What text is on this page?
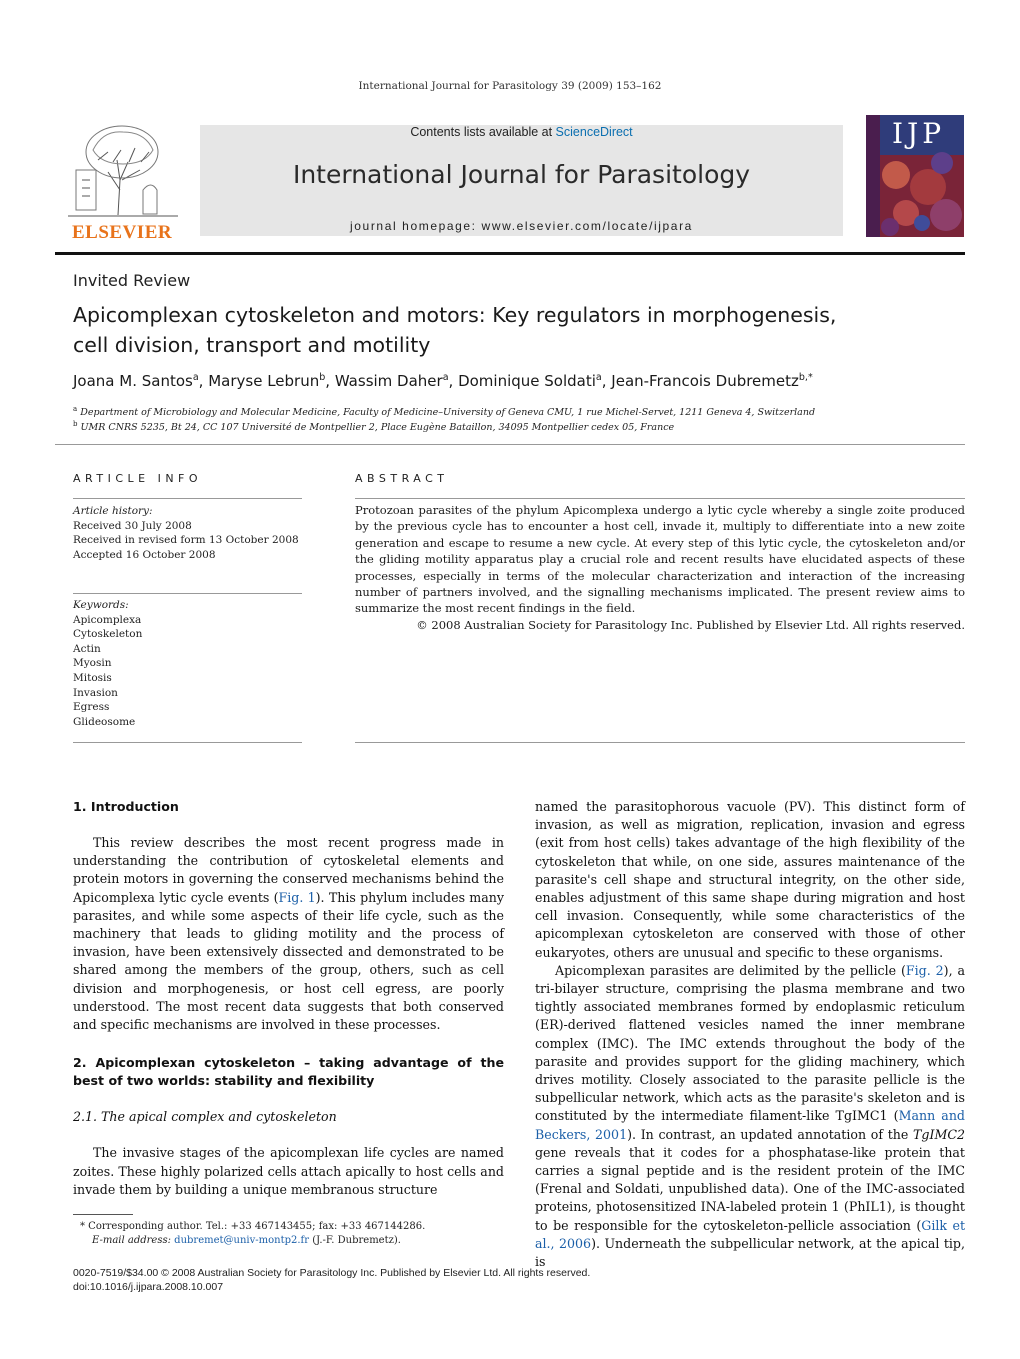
International Journal for Parasitology 39 (2009) 153–162
ELSEVIER
Contents lists available at ScienceDirect
International Journal for Parasitology
journal homepage: www.elsevier.com/locate/ijpara
IJP
Invited Review
Apicomplexan cytoskeleton and motors: Key regulators in morphogenesis,
cell division, transport and motility
Joana M. Santos$^a$, Maryse Lebrun$^b$, Wassim Daher$^a$, Dominique Soldati$^a$, Jean-Francois Dubremetz$^{b,*}$
$^a$ Department of Microbiology and Molecular Medicine, Faculty of Medicine–University of Geneva CMU, 1 rue Michel-Servet, 1211 Geneva 4, Switzerland
$^b$ UMR CNRS 5235, Bt 24, CC 107 Université de Montpellier 2, Place Eugène Bataillon, 34095 Montpellier cedex 05, France
ARTICLE INFO
Article history:
Received 30 July 2008
Received in revised form 13 October 2008
Accepted 16 October 2008
Keywords:
Apicomplexa
Cytoskeleton
Actin
Myosin
Mitosis
Invasion
Egress
Glideosome
ABSTRACT
Protozoan parasites of the phylum Apicomplexa undergo a lytic cycle whereby a single zoite produced by the previous cycle has to encounter a host cell, invade it, multiply to differentiate into a new zoite generation and escape to resume a new cycle. At every step of this lytic cycle, the cytoskeleton and/or the gliding motility apparatus play a crucial role and recent results have elucidated aspects of these processes, especially in terms of the molecular characterization and interaction of the increasing number of partners involved, and the signalling mechanisms implicated. The present review aims to summarize the most recent findings in the field.
© 2008 Australian Society for Parasitology Inc. Published by Elsevier Ltd. All rights reserved.
1. Introduction

This review describes the most recent progress made in understanding the contribution of cytoskeletal elements and protein motors in governing the conserved mechanisms behind the Apicomplexa lytic cycle events (Fig. 1). This phylum includes many parasites, and while some aspects of their life cycle, such as the machinery that leads to gliding motility and the process of invasion, have been extensively dissected and demonstrated to be shared among the members of the group, others, such as cell division and morphogenesis, or host cell egress, are poorly understood. The most recent data suggests that both conserved and specific mechanisms are involved in these processes.

2. Apicomplexan cytoskeleton – taking advantage of the best of two worlds: stability and flexibility
2.1. The apical complex and cytoskeleton

The invasive stages of the apicomplexan life cycles are named zoites. These highly polarized cells attach apically to host cells and invade them by building a unique membranous structure

* Corresponding author. Tel.: +33 467143455; fax: +33 467144286.
E-mail address: dubremet@univ-montp2.fr (J.-F. Dubremetz).

named the parasitophorous vacuole (PV). This distinct form of invasion, as well as migration, replication, invasion and egress (exit from host cells) takes advantage of the high flexibility of the cytoskeleton that while, on one side, assures maintenance of the parasite's cell shape and structural integrity, on the other side, enables adjustment of this same shape during migration and host cell invasion. Consequently, while some characteristics of the apicomplexan cytoskeleton are conserved with those of other eukaryotes, others are unusual and specific to these organisms.

Apicomplexan parasites are delimited by the pellicle (Fig. 2), a tri-bilayer structure, comprising the plasma membrane and two tightly associated membranes formed by endoplasmic reticulum (ER)-derived flattened vesicles named the inner membrane complex (IMC). The IMC extends throughout the body of the parasite and provides support for the gliding machinery, which drives motility. Closely associated to the parasite pellicle is the subpellicular network, which acts as the parasite's skeleton and is constituted by the intermediate filament-like TgIMC1 (Mann and Beckers, 2001). In contrast, an updated annotation of the TgIMC2 gene reveals that it codes for a phosphatase-like protein that carries a signal peptide and is the resident protein of the IMC (Frenal and Soldati, unpublished data). One of the IMC-associated proteins, photosensitized INA-labeled protein 1 (PhIL1), is thought to be responsible for the cytoskeleton-pellicle association (Gilk et al., 2006). Underneath the subpellicular network, at the apical tip, is

0020-7519/$34.00 © 2008 Australian Society for Parasitology Inc. Published by Elsevier Ltd. All rights reserved.
doi:10.1016/j.ijpara.2008.10.007
